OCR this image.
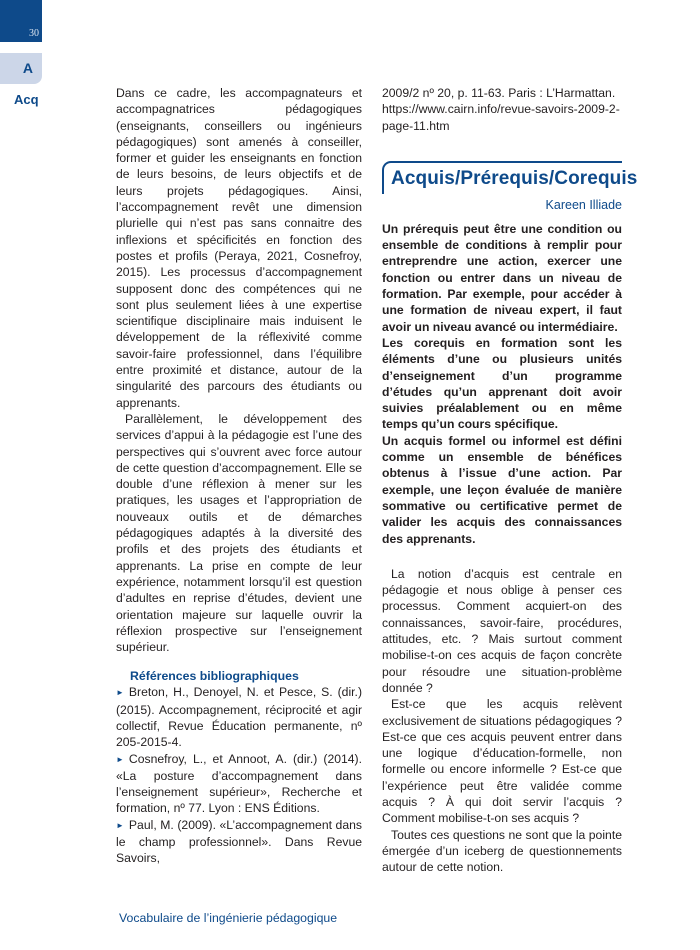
30
A
Acq	Dans ce cadre, les accompagnateurs et accompagnatrices pédagogiques (enseignants, conseillers ou ingénieurs pédagogiques) sont amenés à conseiller, former et guider les enseignants en fonction de leurs besoins, de leurs objectifs et de leurs projets pédagogiques. Ainsi, l’accompagnement revêt une dimension plurielle qui n’est pas sans connaitre des inflexions et spécificités en fonction des postes et profils (Peraya, 2021, Cosnefroy, 2015). Les processus d’accompagnement supposent donc des compétences qui ne sont plus seulement liées à une expertise scientifique disciplinaire mais induisent le développement de la réflexivité comme savoir-faire professionnel, dans l’équilibre entre proximité et distance, autour de la singularité des parcours des étudiants ou apprenants.

Parallèlement, le développement des services d’appui à la pédagogie est l’une des perspectives qui s’ouvrent avec force autour de cette question d’accompagnement. Elle se double d’une réflexion à mener sur les pratiques, les usages et l’appropriation de nouveaux outils et de démarches pédagogiques adaptés à la diversité des profils et des projets des étudiants et apprenants. La prise en compte de leur expérience, notamment lorsqu’il est question d’adultes en reprise d’études, devient une orientation majeure sur laquelle ouvrir la réflexion prospective sur l’enseignement supérieur.

Références bibliographiques

► Breton, H., Denoyel, N. et Pesce, S. (dir.) (2015). Accompagnement, réciprocité et agir collectif, Revue Éducation permanente, nº 205-2015-4.

► Cosnefroy, L., et Annoot, A. (dir.) (2014). «La posture d’accompagnement dans l’enseignement supérieur», Recherche et formation, nº 77. Lyon : ENS Éditions.

► Paul, M. (2009). «L’accompagnement dans le champ professionnel». Dans Revue Savoirs,

2009/2 nº 20, p. 11-63. Paris : L’Harmattan. https://www.cairn.info/revue-savoirs-2009-2-page-11.htm

Acquis/Prérequis/Corequis
Kareen Illiade

Un prérequis peut être une condition ou ensemble de conditions à remplir pour entreprendre une action, exercer une fonction ou entrer dans un niveau de formation. Par exemple, pour accéder à une formation de niveau expert, il faut avoir un niveau avancé ou intermédiaire.

Les corequis en formation sont les éléments d’une ou plusieurs unités d’enseignement d’un programme d’études qu’un apprenant doit avoir suivies préalablement ou en même temps qu’un cours spécifique.

Un acquis formel ou informel est défini comme un ensemble de bénéfices obtenus à l’issue d’une action. Par exemple, une leçon évaluée de manière sommative ou certificative permet de valider les acquis des connaissances des apprenants.

La notion d’acquis est centrale en pédagogie et nous oblige à penser ces processus. Comment acquiert-on des connaissances, savoir-faire, procédures, attitudes, etc. ? Mais surtout comment mobilise-t-on ces acquis de façon concrète pour résoudre une situation-problème donnée ?

Est-ce que les acquis relèvent exclusivement de situations pédagogiques ? Est-ce que ces acquis peuvent entrer dans une logique d’éducation-formelle, non formelle ou encore informelle ? Est-ce que l’expérience peut être validée comme acquis ? À qui doit servir l’acquis ? Comment mobilise-t-on ses acquis ?

Toutes ces questions ne sont que la pointe émergée d’un iceberg de questionnements autour de cette notion.

Vocabulaire de l’ingénierie pédagogique
